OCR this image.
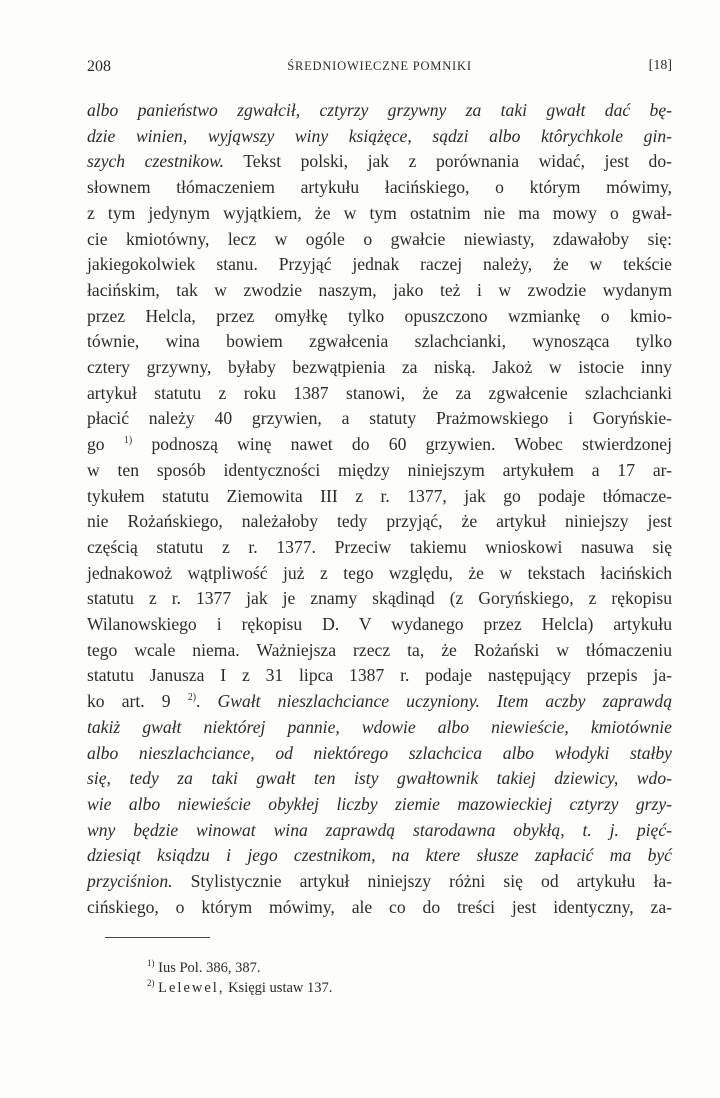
208	ŚREDNIOWIECZNE POMNIKI	[18]
albo panieństwo zgwałcił, cztyrzy grzywny za taki gwałt dać bę-
dzie winien, wyjąwszy winy książęce, sądzi albo ktôrychkole gin-
szych czestnikow. Tekst polski, jak z porównania widać, jest do-
słownem tłómaczeniem artykułu łacińskiego, o którym mówimy,
z tym jedynym wyjątkiem, że w tym ostatnim nie ma mowy o gwał-
cie kmiotówny, lecz w ogóle o gwałcie niewiasty, zdawałoby się:
jakiegokolwiek stanu. Przyjąć jednak raczej należy, że w tekście
łacińskim, tak w zwodzie naszym, jako też i w zwodzie wydanym
przez Helcla, przez omyłkę tylko opuszczono wzmiankę o kmio-
tównie, wina bowiem zgwałcenia szlachcianki, wynosząca tylko
cztery grzywny, byłaby bezwątpienia za niską. Jakoż w istocie inny
artykuł statutu z roku 1387 stanowi, że za zgwałcenie szlachcianki
płacić należy 40 grzywien, a statuty Prażmowskiego i Goryńskie-
go $^{1)}$ podnoszą winę nawet do 60 grzywien. Wobec stwierdzonej
w ten sposób identyczności między niniejszym artykułem a 17 ar-
tykułem statutu Ziemowita III z r. 1377, jak go podaje tłómacze-
nie Rożańskiego, należałoby tedy przyjąć, że artykuł niniejszy jest
częścią statutu z r. 1377. Przeciw takiemu wnioskowi nasuwa się
jednakowoż wątpliwość już z tego względu, że w tekstach łacińskich
statutu z r. 1377 jak je znamy skądinąd (z Goryńskiego, z rękopisu
Wilanowskiego i rękopisu D. V wydanego przez Helcla) artykułu
tego wcale niema. Ważniejsza rzecz ta, że Rożański w tłómaczeniu
statutu Janusza I z 31 lipca 1387 r. podaje następujący przepis ja-
ko art. 9 $^{2)}$. Gwałt nieszlachciance uczyniony. Item aczby zaprawdą
takiż gwałt niektórej pannie, wdowie albo niewieście, kmiotównie
albo nieszlachciance, od niektórego szlachcica albo włodyki stałby
się, tedy za taki gwałt ten isty gwałtownik takiej dziewicy, wdo-
wie albo niewieście obykłej liczby ziemie mazowieckiej cztyrzy grzy-
wny będzie winowat wina zaprawdą starodawna obykłą, t. j. pięć-
dziesiąt ksiądzu i jego czestnikom, na ktere słusze zapłacić ma być
przyciśnion. Stylistycznie artykuł niniejszy różni się od artykułu ła-
cińskiego, o którym mówimy, ale co do treści jest identyczny, za-
$^{1)}$ Ius Pol. 386, 387.
$^{2)}$ Lelewel, Księgi ustaw 137.
